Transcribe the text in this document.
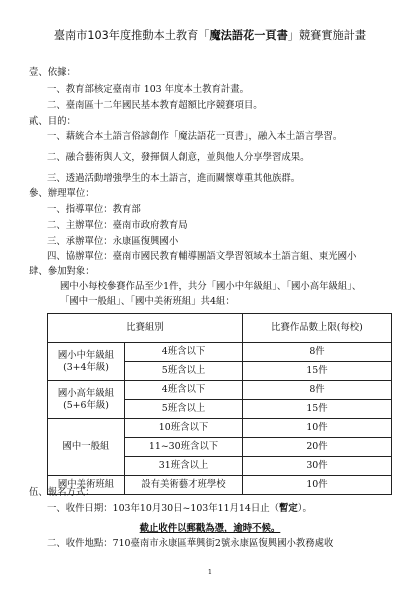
臺南市103年度推動本土教育「魔法語花一頁書」競賽實施計畫
壹、依據：
一、教育部核定臺南市 103 年度本土教育計畫。
二、臺南區十二年國民基本教育超額比序競賽項目。
貳、目的：
一、藉統合本土語言俗諺創作「魔法語花一頁書」，融入本土語言學習。
二、融合藝術與人文，發揮個人創意，並與他人分享學習成果。
三、透過活動增強學生的本土語言，進而關懷尊重其他族群。
參、辦理單位：
一、指導單位：教育部
二、主辦單位：臺南市政府教育局
三、承辦單位：永康區復興國小
四、協辦單位：臺南市國民教育輔導團語文學習領域本土語言組、東光國小
肆、參加對象：
國中小每校參賽作品至少1件，共分「國小中年級組」、「國小高年級組」、
「國中一般組」、「國中美術班組」共4組：
比賽組別		比賽作品數上限(每校)

國小中年級組
(3+4年級)	4班含以下	8件
	5班含以上	15件

國小高年級組
(5+6年級)	4班含以下	8件
	5班含以上	15件

國中一般組	10班含以下	10件
	11~30班含以下	20件
	31班含以上	30件

國中美術班組	設有美術藝才班學校	10件
伍、報名方式：
一、收件日期：103年10月30日~103年11月14日止（暫定）。
截止收件以郵戳為憑，逾時不候。
二、收件地點：710臺南市永康區華興街2號永康區復興國小教務處收
1
